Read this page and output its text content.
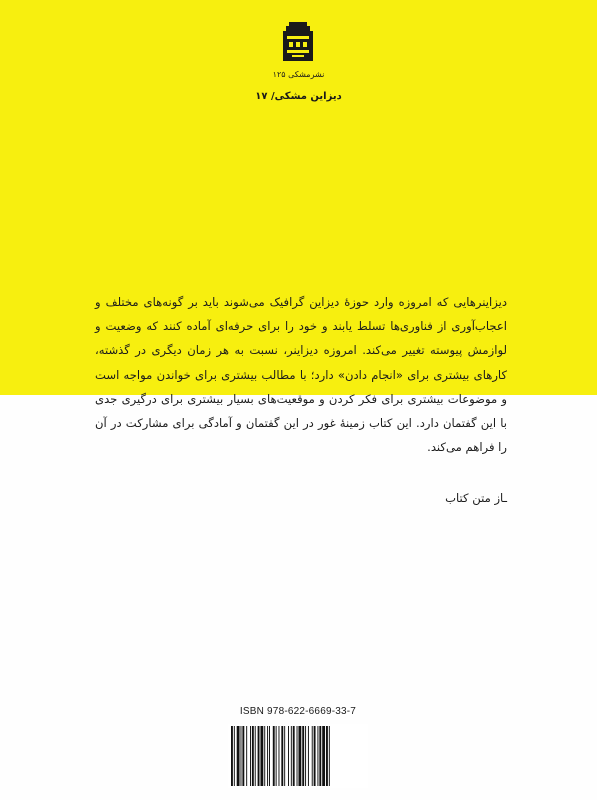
نشرمشکی ۱۲۵
دیزاین مشکی/ ۱۷

دیزاینرهایی که امروزه وارد حوزهٔ دیزاین گرافیک می‌شوند باید بر گونه‌های مختلف و اعجاب‌آوری از فناوری‌ها تسلط یابند و خود را برای حرفه‌ای آماده کنند که وضعیت و لوازمش پیوسته تغییر می‌کند. امروزه دیزاینر، نسبت به هر زمان دیگری در گذشته، کارهای بیشتری برای «انجام دادن» دارد؛ با مطالب بیشتری برای خواندن مواجه است و موضوعات بیشتری برای فکر کردن و موقعیت‌های بسیار بیشتری برای درگیری جدی با این گفتمان دارد. این کتاب زمینهٔ غور در این گفتمان و آمادگی برای مشارکت در آن را فراهم می‌کند.

ـاز متن کتاب
ISBN 978-622-6669-33-7
